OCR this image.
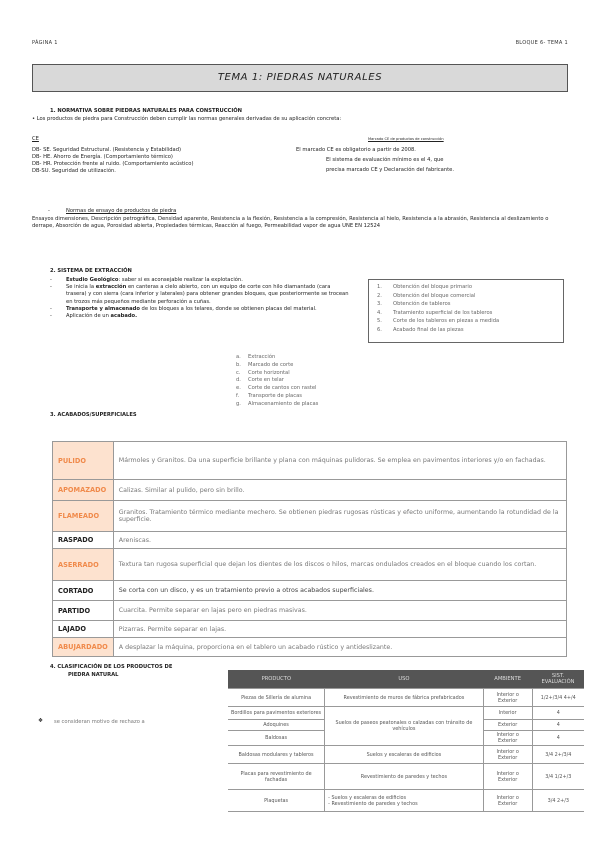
PÁGINA 1	BLOQUE 6- TEMA 1
TEMA 1: PIEDRAS NATURALES
1. NORMATIVA SOBRE PIEDRAS NATURALES PARA CONSTRUCCIÓN
• Los productos de piedra para Construcción deben cumplir las normas generales derivadas de su aplicación concreta:
CE
DB- SE. Seguridad Estructural. (Resistencia y Estabilidad)
DB- HE. Ahorro de Energía. (Comportamiento térmico)
DB- HR. Protección frente al ruido. (Comportamiento acústico)
DB-SU. Seguridad de utilización.
Marcado CE de productos de construcción
El marcado CE es obligatorio a partir de 2008.
El sistema de evaluación mínimo es el 4, que
precisa marcado CE y Declaración del fabricante.
-	Normas de ensayo de productos de piedra
Ensayos dimensiones, Descripción petrográfica, Densidad aparente, Resistencia a la flexión, Resistencia a la compresión, Resistencia al hielo, Resistencia a la abrasión, Resistencia al deslizamiento o derrape, Absorción de agua, Porosidad abierta, Propiedades térmicas, Reacción al fuego, Permeabilidad vapor de agua UNE EN 12524
2. SISTEMA DE EXTRACCIÓN
-	Estudio Geológico: saber si es aconsejable realizar la explotación.
-	Se inicia la extracción en canteras a cielo abierto, con un equipo de corte con hilo diamantado (cara trasera) y con sierra (cara inferior y laterales) para obtener grandes bloques, que posteriormente se trocean en trozos más pequeños mediante perforación a cuñas.
-	Transporte y almacenado de los bloques a los telares, donde se obtienen placas del material.
-	Aplicación de un acabado.
1. Obtención del bloque primario
2. Obtención del bloque comercial
3. Obtención de tableros
4. Tratamiento superficial de los tableros
5. Corte de los tableros en piezas a medida
6. Acabado final de las piezas
a. Extracción
b. Marcado de corte
c. Corte horizontal
d. Corte en telar
e. Corte de cantos con rastel
f. Transporte de placas
g. Almacenamiento de placas
3. ACABADOS/SUPERFICIALES
PULIDO	Mármoles y Granitos. Da una superficie brillante y plana con máquinas pulidoras. Se emplea en pavimentos interiores y/o en fachadas.
APOMAZADO	Calizas. Similar al pulido, pero sin brillo.
FLAMEADO	Granitos. Tratamiento térmico mediante mechero. Se obtienen piedras rugosas rústicas y efecto uniforme, aumentando la rotundidad de la superficie.
RASPADO	Areniscas.
ASERRADO	Textura tan rugosa superficial que dejan los dientes de los discos o hilos, marcas ondulados creados en el bloque cuando los cortan.
CORTADO	Se corta con un disco, y es un tratamiento previo a otros acabados superficiales.
PARTIDO	Cuarcita. Permite separar en lajas pero en piedras masivas.
LAJADO	Pizarras. Permite separar en lajas.
ABUJARDADO	A desplazar la máquina, proporciona en el tablero un acabado rústico y antideslizante.
4. CLASIFICACIÓN DE LOS PRODUCTOS DE
PIEDRA NATURAL
❖ se consideran motivo de rechazo a
PRODUCTO	USO	AMBIENTE	SIST. EVALUACIÓN
Piezas de Sillería de alumina	Revestimiento de muros de fábrica prefabricados	Interior o Exterior	1/2+/3/4 4+/4
Bordillos para pavimentos exteriores	Suelos de paseos peatonales o calzadas con tránsito de vehículos	Interior	4
Adoquines		Exterior	4
Baldosas		Interior o Exterior	4
Baldosas modulares y tableros	Suelos y escaleras de edificios	Interior o Exterior	3/4 2+/3/4
Placas para revestimiento de fachadas	Revestimiento de paredes y techos	Interior o Exterior	3/4 1/2+/3
Plaquetas	- Suelos y escaleras de edificios
- Revestimiento de paredes y techos	Interior o Exterior	3/4 2+/3
